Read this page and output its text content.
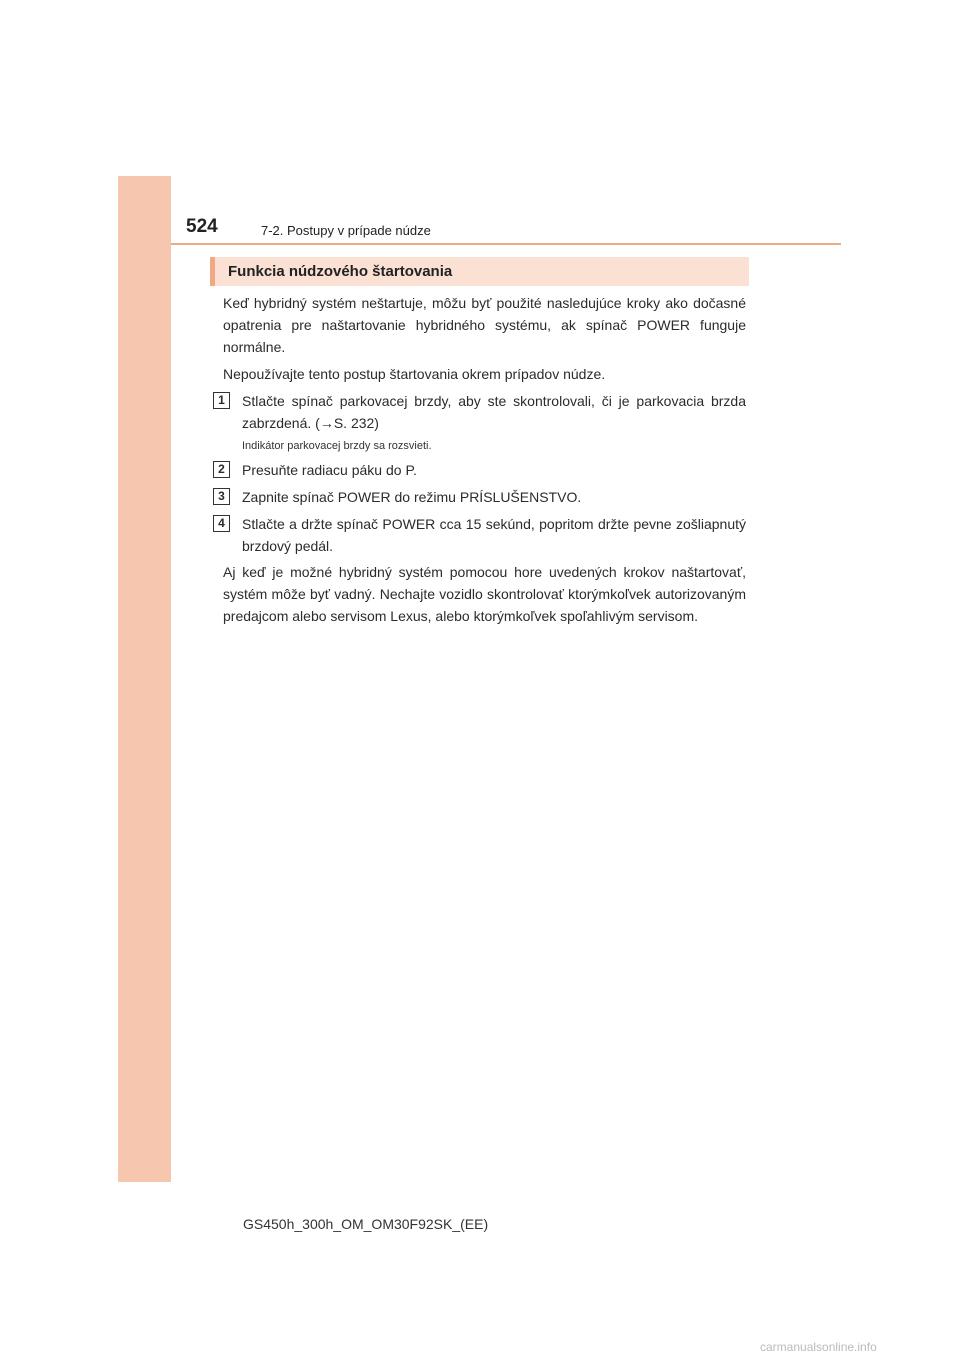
524	7-2. Postupy v prípade núdze
Funkcia núdzového štartovania

Keď hybridný systém neštartuje, môžu byť použité nasledujúce kroky ako dočasné opatrenia pre naštartovanie hybridného systému, ak spínač POWER funguje normálne.

Nepoužívajte tento postup štartovania okrem prípadov núdze.

1	Stlačte spínač parkovacej brzdy, aby ste skontrolovali, či je parkovacia brzda zabrzdená. (→S. 232)

Indikátor parkovacej brzdy sa rozsvieti.
2	Presuňte radiacu páku do P.

3	Zapnite spínač POWER do režimu PRÍSLUŠENSTVO.

4	Stlačte a držte spínač POWER cca 15 sekúnd, popritom držte pevne zošliapnutý brzdový pedál.

Aj keď je možné hybridný systém pomocou hore uvedených krokov naštartovať, systém môže byť vadný. Nechajte vozidlo skontrolovať ktorýmkoľvek autorizovaným predajcom alebo servisom Lexus, alebo ktorýmkoľvek spoľahlivým servisom.

GS450h_300h_OM_OM30F92SK_(EE)
carmanualsonline.info
